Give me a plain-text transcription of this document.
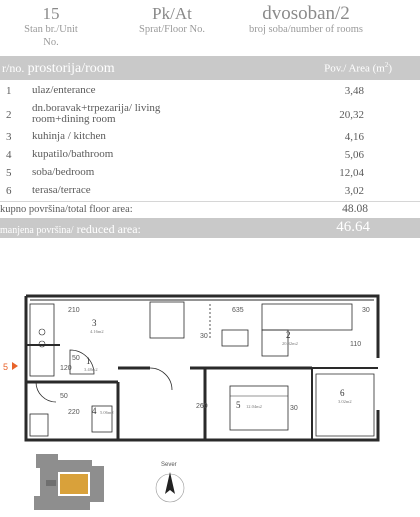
15
Stan br./Unit No.
Pk/At
Sprat/Floor No.
dvosoban/2
broj soba/number of rooms
r/no. prostorija/room	Pov./ Area $(m^2)$
1 ulaz/enterance	3,48
2
dn.boravak+trpezarija/ living
room+dining room	20,32
3 kuhinja / kitchen	4,16
4 kupatilo/bathroom	5,06
5 soba/bedroom	12,04
6 terasa/terrace	3,02
kupno površina/total floor area:	48.08
manjena površina/ reduced area:	46.64
5
210	635	30
50
30
50
120
110
220
260	30
3
4.16m2	2
20.32m2
1
3.48m2
4 5.06m2
5 12.04m2
6
3.02m2
Sever
